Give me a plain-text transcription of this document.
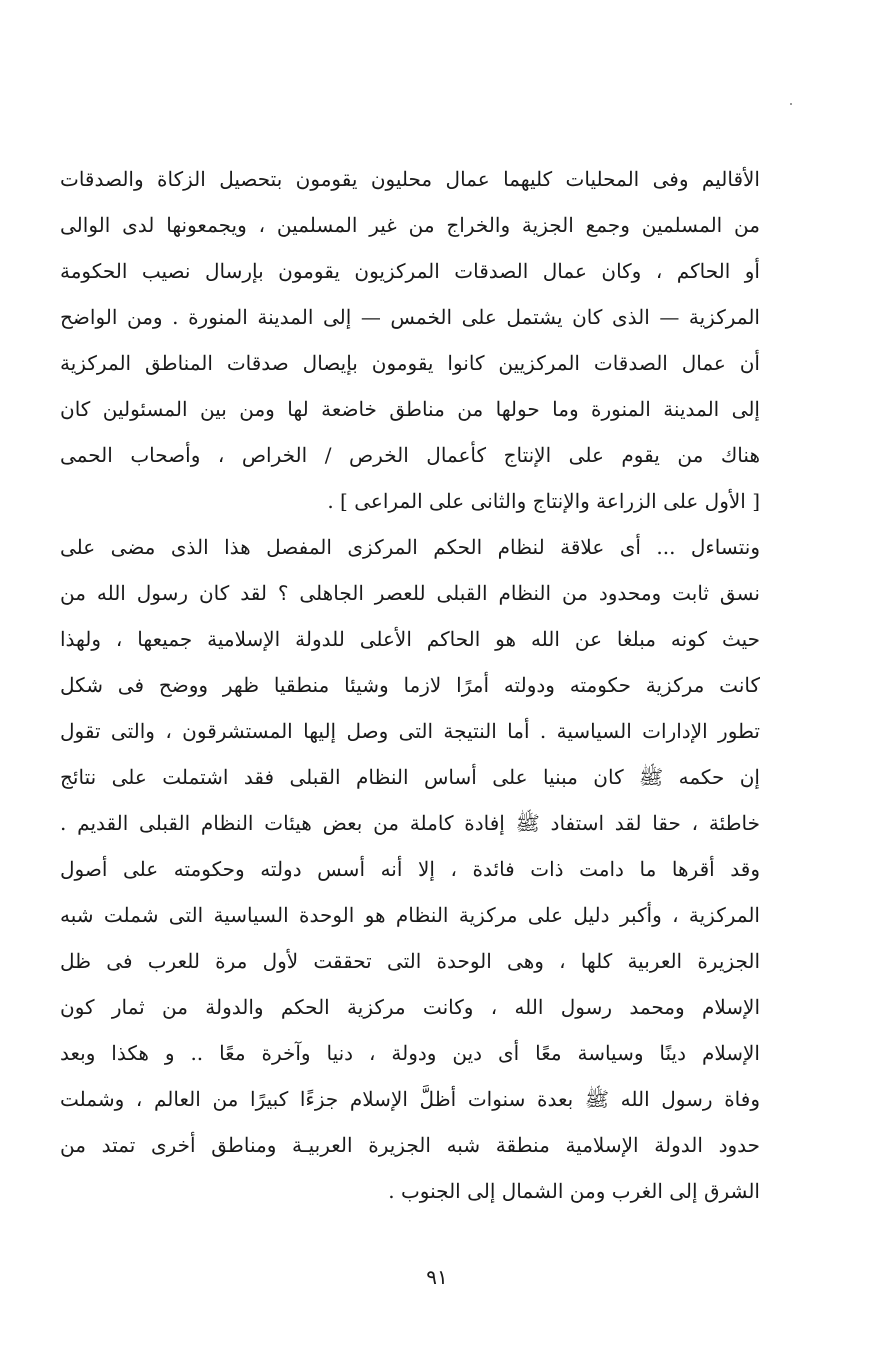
الأقاليم وفى المحليات كليهما عمال محليون يقومون بتحصيل الزكاة والصدقات
من المسلمين وجمع الجزية والخراج من غير المسلمين ، ويجمعونها لدى الوالى
أو الحاكم ، وكان عمال الصدقات المركزيون يقومون بإرسال نصيب الحكومة
المركزية — الذى كان يشتمل على الخمس — إلى المدينة المنورة . ومن الواضح
أن عمال الصدقات المركزيين كانوا يقومون بإيصال صدقات المناطق المركزية
إلى المدينة المنورة وما حولها من مناطق خاضعة لها ومن بين المسئولين كان
هناك من يقوم على الإنتاج كأعمال الخرص / الخراص ، وأصحاب الحمى
[ الأول على الزراعة والإنتاج والثانى على المراعى ] .
ونتساءل ... أى علاقة لنظام الحكم المركزى المفصل هذا الذى مضى على
نسق ثابت ومحدود من النظام القبلى للعصر الجاهلى ؟ لقد كان رسول الله من
حيث كونه مبلغا عن الله هو الحاكم الأعلى للدولة الإسلامية جميعها ، ولهذا
كانت مركزية حكومته ودولته أمرًا لازما وشيئا منطقيا ظهر ووضح فى شكل
تطور الإدارات السياسية . أما النتيجة التى وصل إليها المستشرقون ، والتى تقول
إن حكمه ﷺ كان مبنيا على أساس النظام القبلى فقد اشتملت على نتائج
خاطئة ، حقا لقد استفاد ﷺ إفادة كاملة من بعض هيئات النظام القبلى القديم .
وقد أقرها ما دامت ذات فائدة ، إلا أنه أسس دولته وحكومته على أصول
المركزية ، وأكبر دليل على مركزية النظام هو الوحدة السياسية التى شملت شبه
الجزيرة العربية كلها ، وهى الوحدة التى تحققت لأول مرة للعرب فى ظل
الإسلام ومحمد رسول الله ، وكانت مركزية الحكم والدولة من ثمار كون
الإسلام دينًا وسياسة معًا أى دين ودولة ، دنيا وآخرة معًا .. و هكذا وبعد
وفاة رسول الله ﷺ بعدة سنوات أظلَّ الإسلام جزءًا كبيرًا من العالم ، وشملت
حدود الدولة الإسلامية منطقة شبه الجزيرة العربيـة ومناطق أخرى تمتد من
الشرق إلى الغرب ومن الشمال إلى الجنوب .
٩١
